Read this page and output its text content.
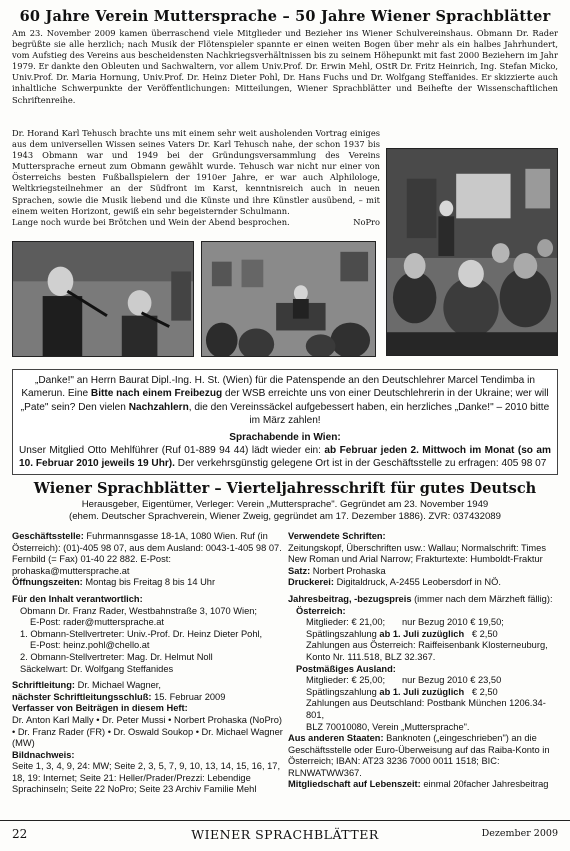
60 Jahre Verein Muttersprache – 50 Jahre Wiener Sprachblätter

Am 23. November 2009 kamen überraschend viele Mitglieder und Bezieher ins Wiener Schulvereinshaus. Obmann Dr. Rader begrüßte sie alle herzlich; nach Musik der Flötenspieler spannte er einen weiten Bogen über mehr als ein halbes Jahrhundert, vom Aufstieg des Vereins aus bescheidensten Nachkriegsverhältnissen bis zu seinem Höhepunkt mit fast 2000 Beziehern im Jahr 1979. Er dankte den Obleuten und Sachwaltern, vor allem Univ.Prof. Dr. Erwin Mehl, OStR Dr. Fritz Heinrich, Ing. Stefan Micko, Univ.Prof. Dr. Maria Hornung, Univ.Prof. Dr. Heinz Dieter Pohl, Dr. Hans Fuchs und Dr. Wolfgang Steffanides. Er skizzierte auch inhaltliche Schwerpunkte der Veröffentlichungen: Mitteilungen, Wiener Sprachblätter und Beihefte der Wissenschaftlichen Schriftenreihe.

Dr. Horand Karl Tehusch brachte uns mit einem sehr weit ausholenden Vortrag einiges aus dem universellen Wissen seines Vaters Dr. Karl Tehusch nahe, der schon 1937 bis 1943 Obmann war und 1949 bei der Gründungsversammlung des Vereins Muttersprache erneut zum Obmann gewählt wurde. Tehusch war nicht nur einer von Österreichs besten Fußballspielern der 1910er Jahre, er war auch Alphilologe, Weltkriegsteilnehmer an der Südfront im Karst, kenntnisreich auch in neuen Sprachen, sowie die Musik liebend und die Künste und ihre Künstler ausübend, – mit einem weiten Horizont, gewiß ein sehr begeisternder Schulmann.

Lange noch wurde bei Brötchen und Wein der Abend besprochen.	NoPro

„Danke!" an Herrn Baurat Dipl.-Ing. H. St. (Wien) für die Patenspende an den Deutschlehrer Marcel Tendimba in Kamerun. Eine Bitte nach einem Freibezug der WSB erreichte uns von einer Deutschlehrerin in der Ukraine; wer will „Pate" sein? Den vielen Nachzahlern, die den Vereinssäckel aufgebessert haben, ein herzliches „Danke!" – 2010 bitte im März zahlen!
Sprachabende in Wien:
Unser Mitglied Otto Mehlführer (Ruf 01-889 94 44) lädt wieder ein: ab Februar jeden 2. Mittwoch im Monat (so am 10. Februar 2010 jeweils 19 Uhr). Der verkehrsgünstig gelegene Ort ist in der Geschäftsstelle zu erfragen: 405 98 07
Wiener Sprachblätter – Vierteljahresschrift für gutes Deutsch
Herausgeber, Eigentümer, Verleger: Verein „Muttersprache". Gegründet am 23. November 1949
(ehem. Deutscher Sprachverein, Wiener Zweig, gegründet am 17. Dezember 1886). ZVR: 037432089
Geschäftsstelle: Fuhrmannsgasse 18-1A, 1080 Wien. Ruf (in Österreich): (01)-405 98 07, aus dem Ausland: 0043-1-405 98 07. Fernbild (= Fax) 01-40 22 882. E-Post: prohaska@muttersprache.at
Öffnungszeiten: Montag bis Freitag 8 bis 14 Uhr
Für den Inhalt verantwortlich:
Obmann Dr. Franz Rader, Westbahnstraße 3, 1070 Wien;
E-Post: rader@muttersprache.at
1. Obmann-Stellvertreter: Univ.-Prof. Dr. Heinz Dieter Pohl,
E-Post: heinz.pohl@chello.at
2. Obmann-Stellvertreter: Mag. Dr. Helmut Noll
Säckelwart: Dr. Wolfgang Steffanides
Schriftleitung: Dr. Michael Wagner,
nächster Schriftleitungsschluß: 15. Februar 2009
Verfasser von Beiträgen in diesem Heft:
Dr. Anton Karl Mally • Dr. Peter Mussi • Norbert Prohaska (NoPro) • Dr. Franz Rader (FR) • Dr. Oswald Soukop • Dr. Michael Wagner (MW)
Bildnachweis:
Seite 1, 3, 4, 9, 24: MW; Seite 2, 3, 5, 7, 9, 10, 13, 14, 15, 16, 17, 18, 19: Internet; Seite 21: Heller/Prader/Prezzi: Lebendige Sprachinseln; Seite 22 NoPro; Seite 23 Archiv Familie Mehl
Verwendete Schriften:
Zeitungskopf, Überschriften usw.: Wallau; Normalschrift: Times New Roman und Arial Narrow; Frakturtexte: Humboldt-Fraktur
Satz: Norbert Prohaska
Druckerei: Digitaldruck, A-2455 Leobersdorf in NÖ.
Jahresbeitrag, -bezugspreis (immer nach dem Märzheft fällig):
Österreich:
Mitglieder: € 21,00;	nur Bezug 2010 € 19,50;
Spätlingszahlung ab 1. Juli zuzüglich € 2,50
Zahlungen aus Österreich: Raiffeisenbank Klosterneuburg,
Konto Nr. 111.518, BLZ 32.367.
Postmäßiges Ausland:
Mitglieder: € 25,00;	nur Bezug 2010 € 23,50
Spätlingszahlung ab 1. Juli zuzüglich € 2,50
Zahlungen aus Deutschland: Postbank München 1206.34-801,
BLZ 70010080, Verein „Muttersprache".
Aus anderen Staaten: Banknoten („eingeschrieben") an die Geschäftsstelle oder Euro-Überweisung auf das Raiba-Konto in Österreich; IBAN: AT23 3236 7000 0011 1518; BIC: RLNWATWW367.
Mitgliedschaft auf Lebenszeit: einmal 20facher Jahresbeitrag
22	WIENER SPRACHBLÄTTER	Dezember 2009
